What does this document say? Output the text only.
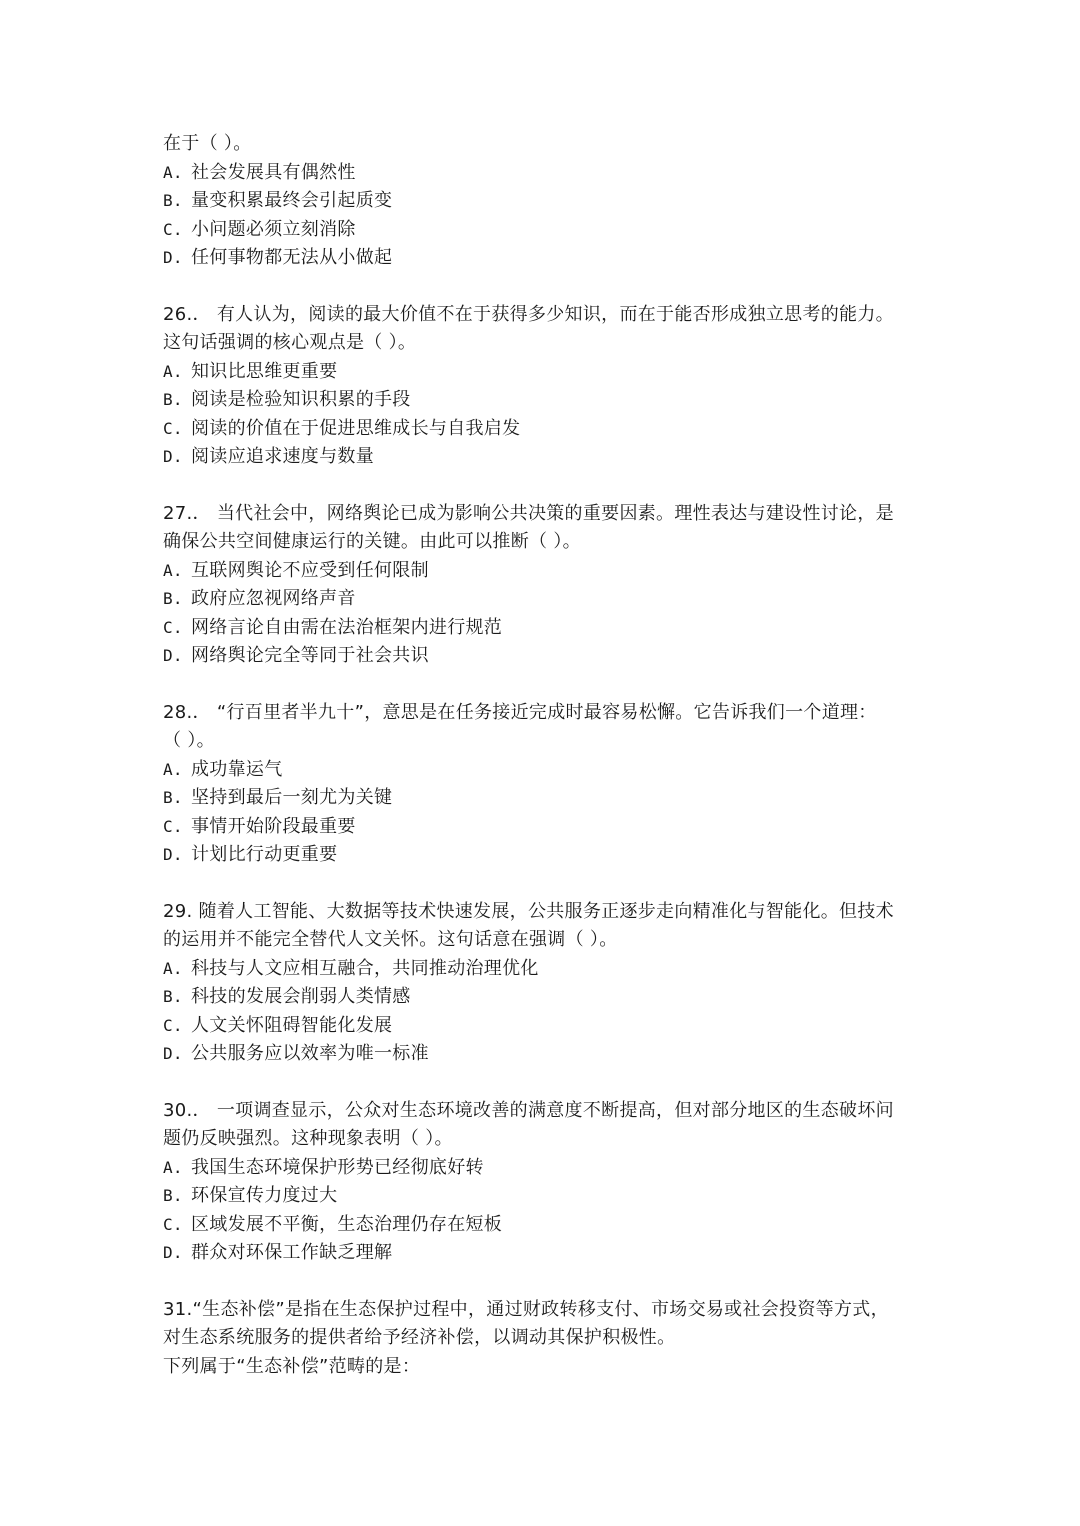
在于（ ）。
A. 社会发展具有偶然性
B. 量变积累最终会引起质变
C. 小问题必须立刻消除
D. 任何事物都无法从小做起
26.． 有人认为，阅读的最大价值不在于获得多少知识，而在于能否形成独立思考的能力。
这句话强调的核心观点是（ ）。
A. 知识比思维更重要
B. 阅读是检验知识积累的手段
C. 阅读的价值在于促进思维成长与自我启发
D. 阅读应追求速度与数量
27.． 当代社会中，网络舆论已成为影响公共决策的重要因素。理性表达与建设性讨论，是
确保公共空间健康运行的关键。由此可以推断（ ）。
A. 互联网舆论不应受到任何限制
B. 政府应忽视网络声音
C. 网络言论自由需在法治框架内进行规范
D. 网络舆论完全等同于社会共识
28.． “行百里者半九十”，意思是在任务接近完成时最容易松懈。它告诉我们一个道理：
（ ）。
A. 成功靠运气
B. 坚持到最后一刻尤为关键
C. 事情开始阶段最重要
D. 计划比行动更重要
29. 随着人工智能、大数据等技术快速发展，公共服务正逐步走向精准化与智能化。但技术
的运用并不能完全替代人文关怀。这句话意在强调（ ）。
A. 科技与人文应相互融合，共同推动治理优化
B. 科技的发展会削弱人类情感
C. 人文关怀阻碍智能化发展
D. 公共服务应以效率为唯一标准
30.． 一项调查显示，公众对生态环境改善的满意度不断提高，但对部分地区的生态破坏问
题仍反映强烈。这种现象表明（ ）。
A. 我国生态环境保护形势已经彻底好转
B. 环保宣传力度过大
C. 区域发展不平衡，生态治理仍存在短板
D. 群众对环保工作缺乏理解
31.“生态补偿”是指在生态保护过程中，通过财政转移支付、市场交易或社会投资等方式，
对生态系统服务的提供者给予经济补偿，以调动其保护积极性。
下列属于“生态补偿”范畴的是：
